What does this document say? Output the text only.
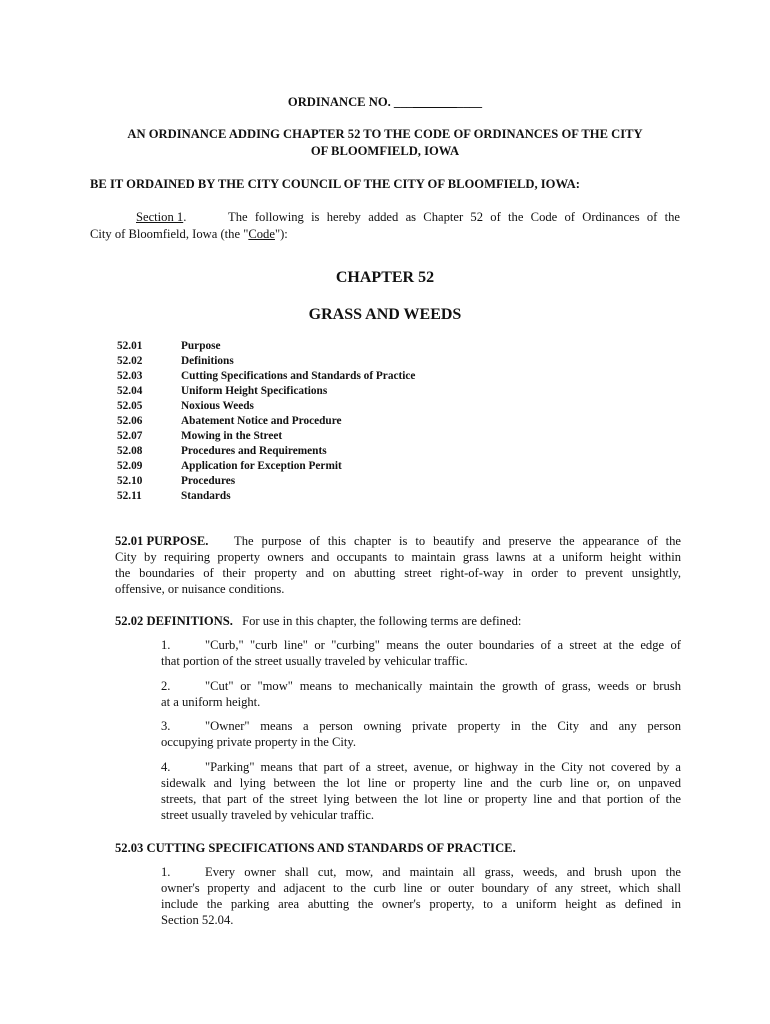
ORDINANCE NO. ______________
AN ORDINANCE ADDING CHAPTER 52 TO THE CODE OF ORDINANCES OF THE CITY
OF BLOOMFIELD, IOWA
BE IT ORDAINED BY THE CITY COUNCIL OF THE CITY OF BLOOMFIELD, IOWA:
Section 1.	The following is hereby added as Chapter 52 of the Code of Ordinances of the
City of Bloomfield, Iowa (the "Code"):
CHAPTER 52
GRASS AND WEEDS
52.01	Purpose
52.02	Definitions
52.03	Cutting Specifications and Standards of Practice
52.04	Uniform Height Specifications
52.05	Noxious Weeds
52.06	Abatement Notice and Procedure
52.07	Mowing in the Street
52.08	Procedures and Requirements
52.09	Application for Exception Permit
52.10	Procedures
52.11	Standards
52.01 PURPOSE. The purpose of this chapter is to beautify and preserve the appearance of the
City by requiring property owners and occupants to maintain grass lawns at a uniform height within
the boundaries of their property and on abutting street right-of-way in order to prevent unsightly,
offensive, or nuisance conditions.
52.02 DEFINITIONS. For use in this chapter, the following terms are defined:
1.	"Curb," "curb line" or "curbing" means the outer boundaries of a street at the edge of
that portion of the street usually traveled by vehicular traffic.
2.	"Cut" or "mow" means to mechanically maintain the growth of grass, weeds or brush
at a uniform height.
3.	"Owner" means a person owning private property in the City and any person
occupying private property in the City.
4.	"Parking" means that part of a street, avenue, or highway in the City not covered by a
sidewalk and lying between the lot line or property line and the curb line or, on unpaved
streets, that part of the street lying between the lot line or property line and that portion of the
street usually traveled by vehicular traffic.
52.03 CUTTING SPECIFICATIONS AND STANDARDS OF PRACTICE.
1.	Every owner shall cut, mow, and maintain all grass, weeds, and brush upon the
owner's property and adjacent to the curb line or outer boundary of any street, which shall
include the parking area abutting the owner's property, to a uniform height as defined in
Section 52.04.
